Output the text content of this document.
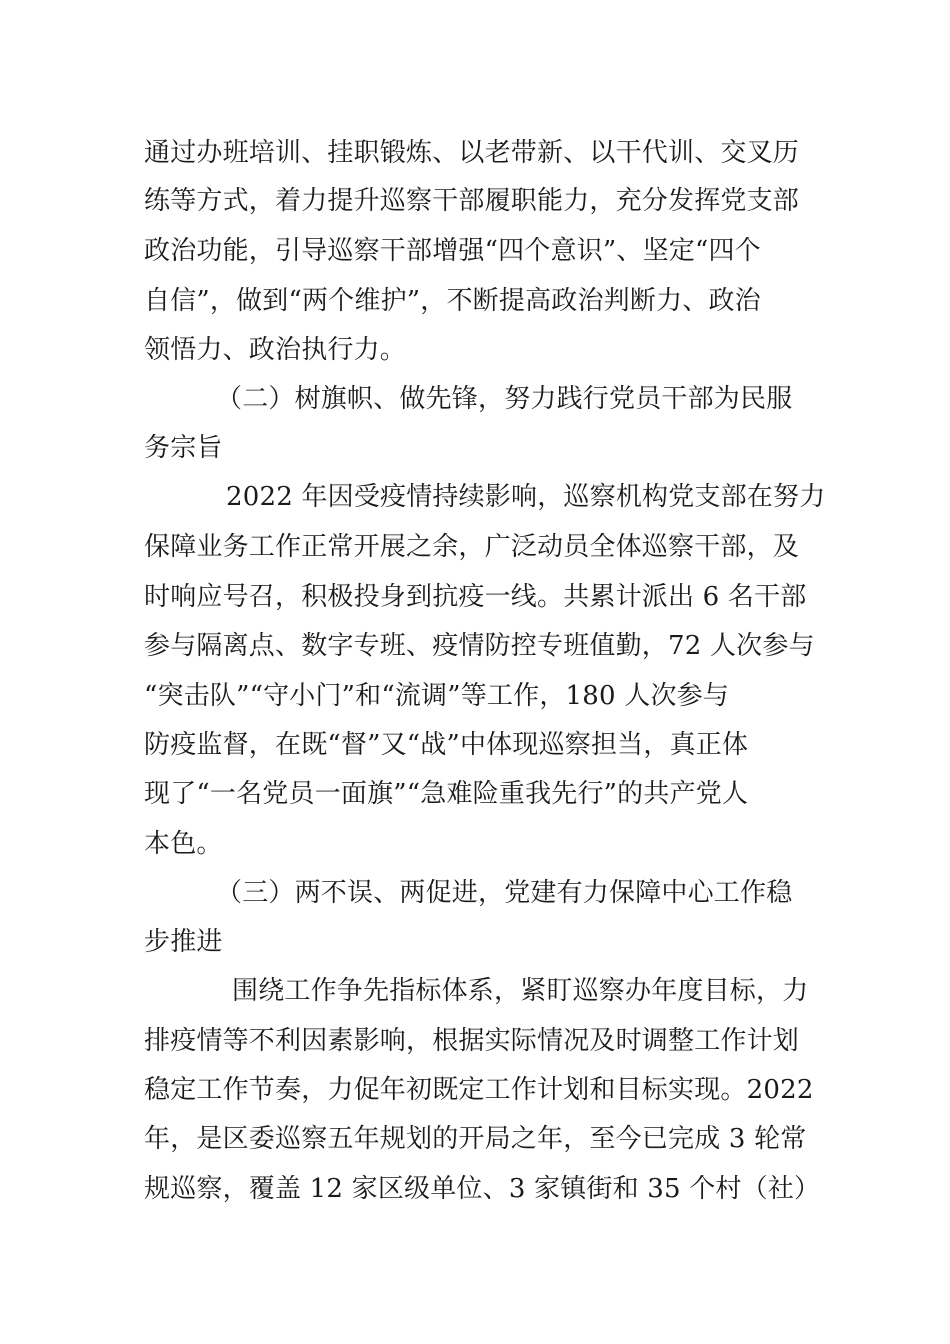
通过办班培训、挂职锻炼、以老带新、以干代训、交叉历
练等方式，着力提升巡察干部履职能力，充分发挥党支部
政治功能，引导巡察干部增强“四个意识”、坚定“四个
自信”，做到“两个维护”，不断提高政治判断力、政治
领悟力、政治执行力。
（二）树旗帜、做先锋，努力践行党员干部为民服
务宗旨
2022 年因受疫情持续影响，巡察机构党支部在努力
保障业务工作正常开展之余，广泛动员全体巡察干部，及
时响应号召，积极投身到抗疫一线。共累计派出 6 名干部
参与隔离点、数字专班、疫情防控专班值勤，72 人次参与
“突击队”“守小门”和“流调”等工作，180 人次参与
防疫监督，在既“督”又“战”中体现巡察担当，真正体
现了“一名党员一面旗”“急难险重我先行”的共产党人
本色。
（三）两不误、两促进，党建有力保障中心工作稳
步推进
围绕工作争先指标体系，紧盯巡察办年度目标，力
排疫情等不利因素影响，根据实际情况及时调整工作计划
稳定工作节奏，力促年初既定工作计划和目标实现。2022
年，是区委巡察五年规划的开局之年，至今已完成 3 轮常
规巡察，覆盖 12 家区级单位、3 家镇街和 35 个村（社）
